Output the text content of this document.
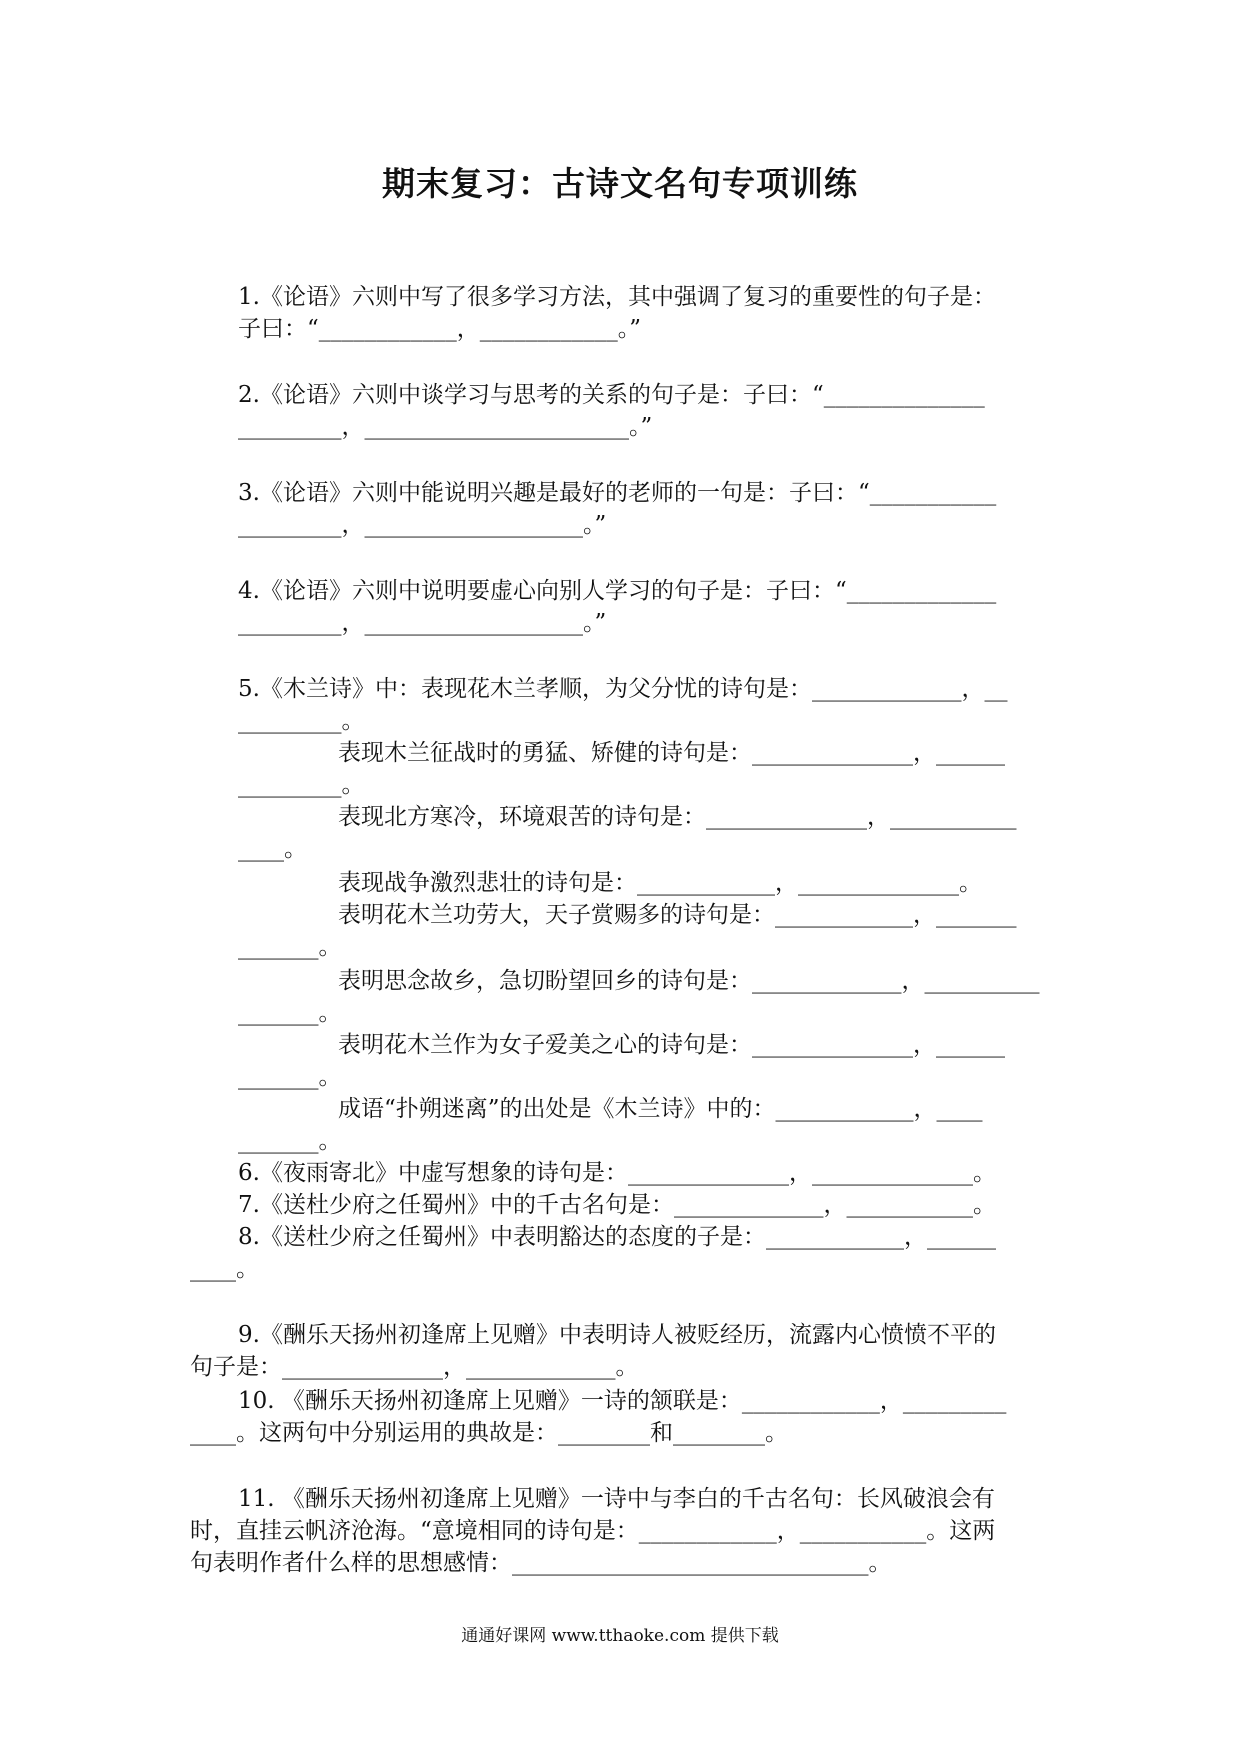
期末复习：古诗文名句专项训练
1.《论语》六则中写了很多学习方法，其中强调了复习的重要性的句子是：
子曰：“____________，____________。”
2.《论语》六则中谈学习与思考的关系的句子是：子曰：“______________
_________，_______________________。”
3.《论语》六则中能说明兴趣是最好的老师的一句是：子曰：“___________
_________，___________________。”
4.《论语》六则中说明要虚心向别人学习的句子是：子曰：“_____________
_________，___________________。”
5.《木兰诗》中：表现花木兰孝顺，为父分忧的诗句是：_____________，__
_________。
表现木兰征战时的勇猛、矫健的诗句是：______________，______
_________。
表现北方寒冷，环境艰苦的诗句是：______________，___________
____。
表现战争激烈悲壮的诗句是：____________，______________。
表明花木兰功劳大，天子赏赐多的诗句是：____________，_______
_______。
表明思念故乡，急切盼望回乡的诗句是：_____________，__________
_______。
表明花木兰作为女子爱美之心的诗句是：______________，______
_______。
成语“扑朔迷离”的出处是《木兰诗》中的：____________，____
_______。
6.《夜雨寄北》中虚写想象的诗句是：______________，______________。
7.《送杜少府之任蜀州》中的千古名句是：_____________，___________。
8.《送杜少府之任蜀州》中表明豁达的态度的子是：____________，______
____。
9.《酬乐天扬州初逢席上见赠》中表明诗人被贬经历，流露内心愤愤不平的
句子是：______________，_____________。
10. 《酬乐天扬州初逢席上见赠》一诗的颔联是：____________，_________
____。这两句中分别运用的典故是：________和________。
11. 《酬乐天扬州初逢席上见赠》一诗中与李白的千古名句：长风破浪会有
时，直挂云帆济沧海。“意境相同的诗句是：____________，___________。这两
句表明作者什么样的思想感情：_______________________________。
通通好课网 www.tthaoke.com 提供下载
